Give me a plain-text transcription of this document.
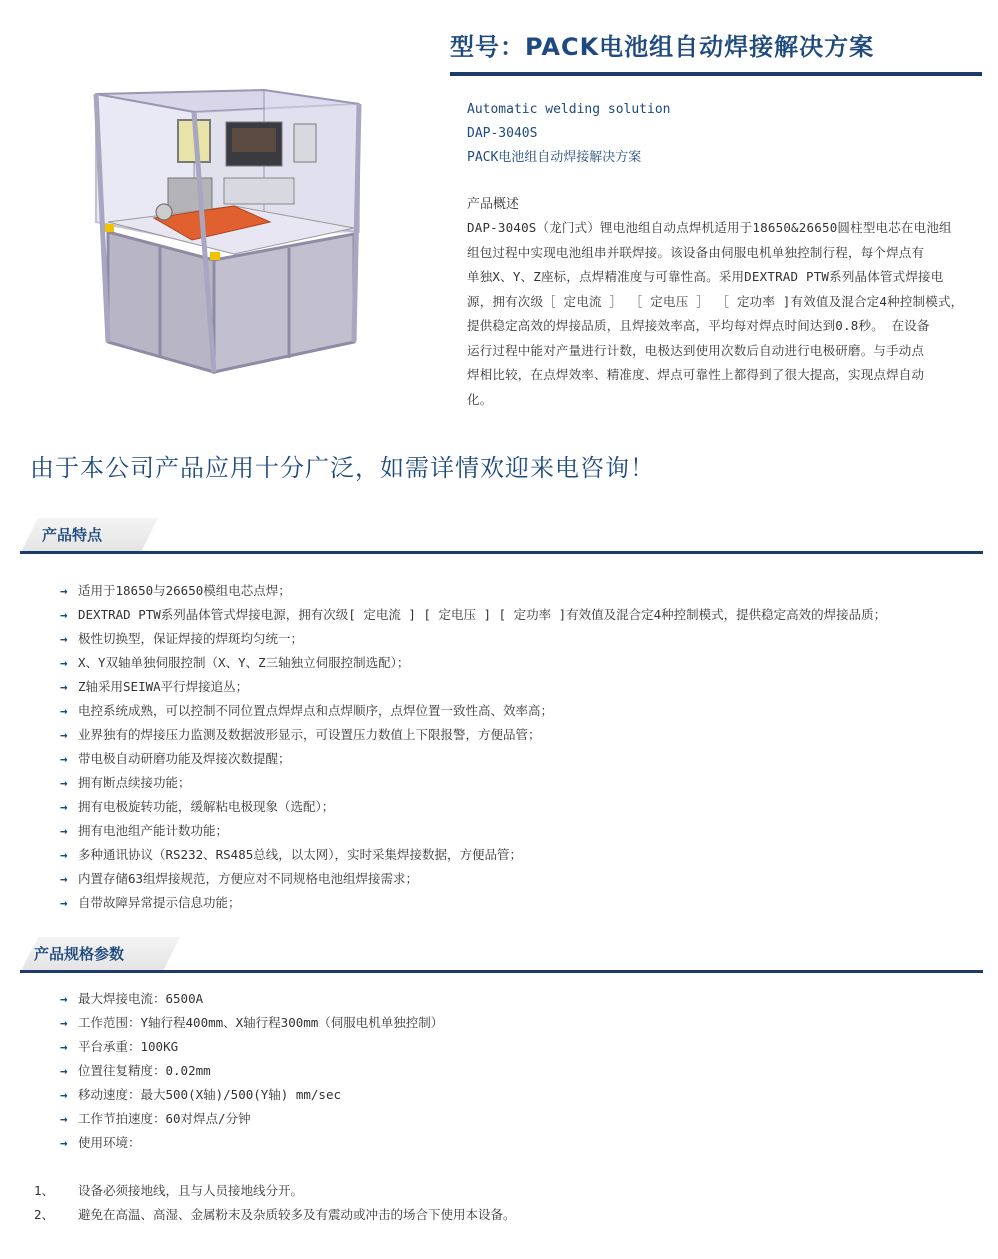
型号：PACK电池组自动焊接解决方案
Automatic welding solution
DAP-3040S
PACK电池组自动焊接解决方案
产品概述
DAP-3040S（龙门式）锂电池组自动点焊机适用于18650&26650圆柱型电芯在电池组
组包过程中实现电池组串并联焊接。该设备由伺服电机单独控制行程，每个焊点有
单独X、Y、Z座标，点焊精准度与可靠性高。采用DEXTRAD PTW系列晶体管式焊接电
源，拥有次级［ 定电流 ］ ［ 定电压 ］ ［ 定功率 ]有效值及混合定4种控制模式，
提供稳定高效的焊接品质，且焊接效率高，平均每对焊点时间达到0.8秒。 在设备
运行过程中能对产量进行计数，电极达到使用次数后自动进行电极研磨。与手动点
焊相比较，在点焊效率、精准度、焊点可靠性上都得到了很大提高，实现点焊自动
化。
由于本公司产品应用十分广泛，如需详情欢迎来电咨询！
产品特点
→ 适用于18650与26650模组电芯点焊；
→ DEXTRAD PTW系列晶体管式焊接电源，拥有次级[ 定电流 ] [ 定电压 ] [ 定功率 ]有效值及混合定4种控制模式，提供稳定高效的焊接品质；
→ 极性切换型，保证焊接的焊斑均匀统一；
→ X、Y双轴单独伺服控制（X、Y、Z三轴独立伺服控制选配）；
→ Z轴采用SEIWA平行焊接追丛；
→ 电控系统成熟，可以控制不同位置点焊焊点和点焊顺序，点焊位置一致性高、效率高；
→ 业界独有的焊接压力监测及数据波形显示，可设置压力数值上下限报警，方便品管；
→ 带电极自动研磨功能及焊接次数提醒；
→ 拥有断点续接功能；
→ 拥有电极旋转功能，缓解粘电极现象（选配）；
→ 拥有电池组产能计数功能；
→ 多种通讯协议（RS232、RS485总线，以太网），实时采集焊接数据，方便品管；
→ 内置存储63组焊接规范，方便应对不同规格电池组焊接需求；
→ 自带故障异常提示信息功能；
产品规格参数
→ 最大焊接电流：6500A
→ 工作范围：Y轴行程400mm、X轴行程300mm（伺服电机单独控制）
→ 平台承重：100KG
→ 位置往复精度：0.02mm
→ 移动速度：最大500(X轴)/500(Y轴) mm/sec
→ 工作节拍速度：60对焊点/分钟
→ 使用环境：
1、 设备必须接地线，且与人员接地线分开。
2、 避免在高温、高湿、金属粉末及杂质较多及有震动或冲击的场合下使用本设备。
